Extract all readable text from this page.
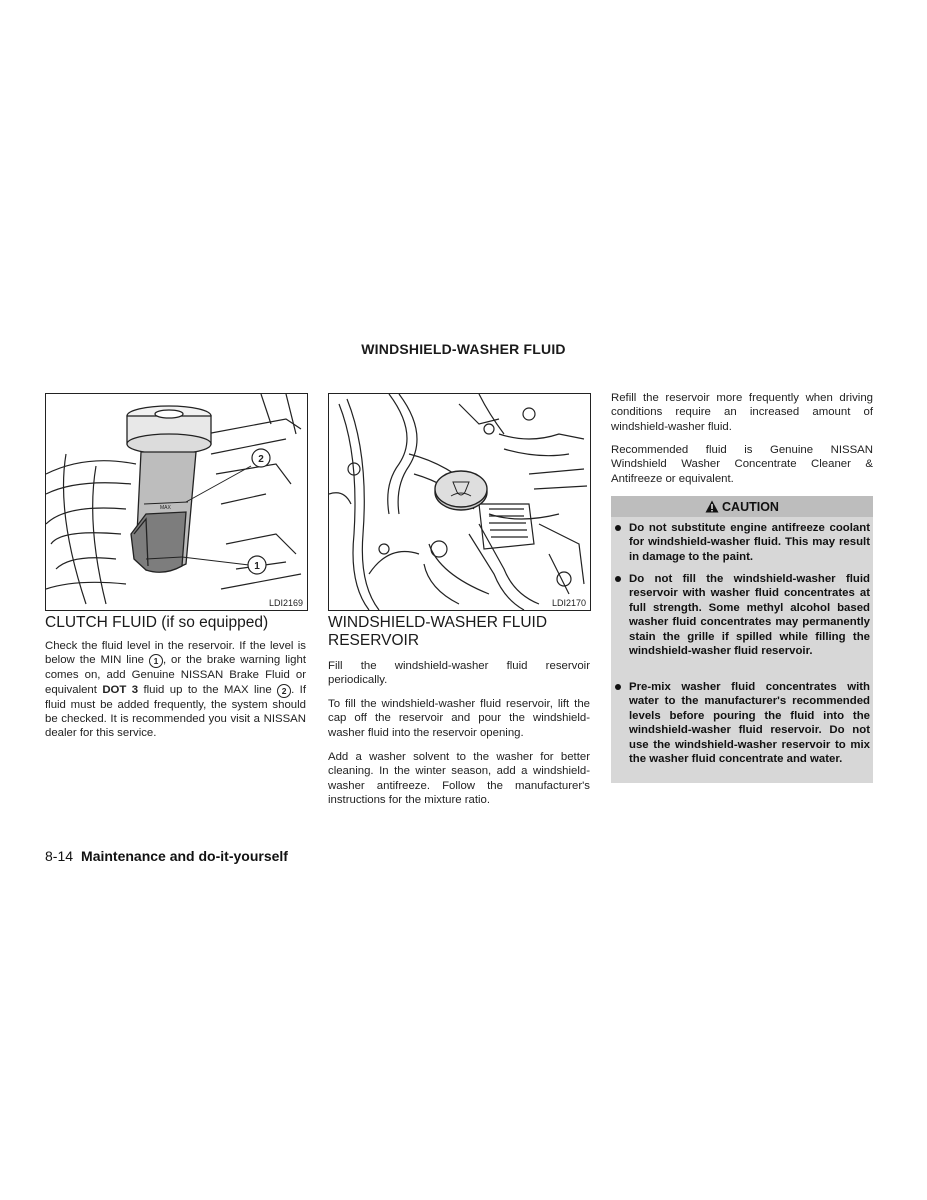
WINDSHIELD-WASHER FLUID
MAX
2
1
LDI2169	LDI2170
CLUTCH FLUID (if so equipped)

Check the fluid level in the reservoir. If the level is below the MIN line 1 , or the brake warning light comes on, add Genuine NISSAN Brake Fluid or equivalent DOT 3 fluid up to the MAX line 2 . If fluid must be added frequently, the system should be checked. It is recommended you visit a NISSAN dealer for this service.

WINDSHIELD-WASHER FLUID RESERVOIR

Fill the windshield-washer fluid reservoir periodically.

To fill the windshield-washer fluid reservoir, lift the cap off the reservoir and pour the windshield-washer fluid into the reservoir opening.

Add a washer solvent to the washer for better cleaning. In the winter season, add a windshield-washer antifreeze. Follow the manufacturer's instructions for the mixture ratio.

Refill the reservoir more frequently when driving conditions require an increased amount of windshield-washer fluid.

Recommended fluid is Genuine NISSAN Windshield Washer Concentrate Cleaner & Antifreeze or equivalent.

CAUTION
Do not substitute engine antifreeze coolant for windshield-washer fluid. This may result in damage to the paint.
Do not fill the windshield-washer fluid reservoir with washer fluid concentrates at full strength. Some methyl alcohol based washer fluid concentrates may permanently stain the grille if spilled while filling the windshield-washer fluid reservoir.
Pre-mix washer fluid concentrates with water to the manufacturer's recommended levels before pouring the fluid into the windshield-washer fluid reservoir. Do not use the windshield-washer reservoir to mix the washer fluid concentrate and water.
8-14 Maintenance and do-it-yourself
